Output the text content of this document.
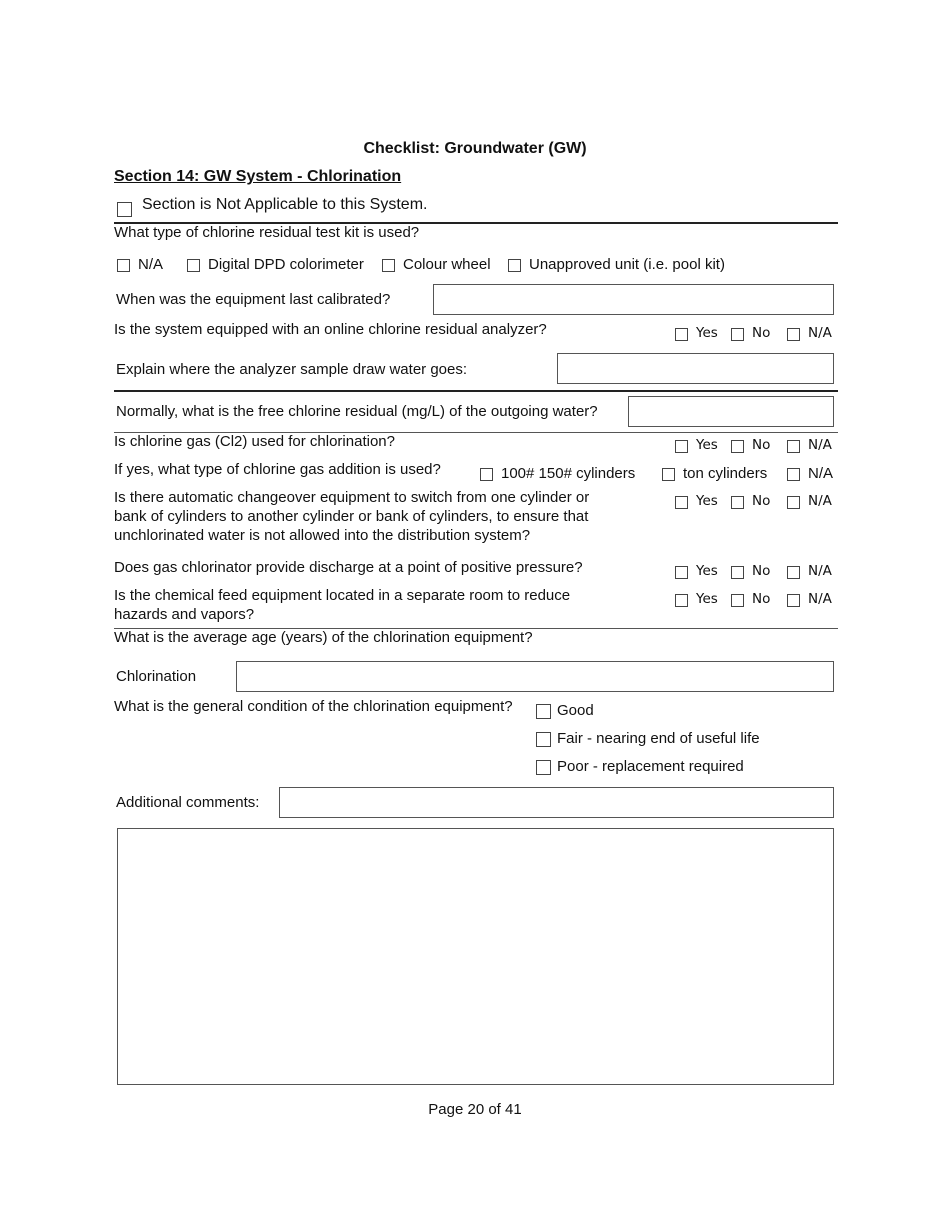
Checklist: Groundwater (GW)
Section 14: GW System - Chlorination
Section is Not Applicable to this System.
What type of chlorine residual test kit is used?
N/A	Digital DPD colorimeter	Colour wheel	Unapproved unit (i.e. pool kit)
When was the equipment last calibrated?
Is the system equipped with an online chlorine residual analyzer?	Yes	No	N/A
Explain where the analyzer sample draw water goes:
Normally, what is the free chlorine residual (mg/L) of the outgoing water?
Is chlorine gas (Cl2) used for chlorination?	Yes	No	N/A
If yes, what type of chlorine gas addition is used?	100# 150# cylinders	ton cylinders	N/A
Is there automatic changeover equipment to switch from one cylinder or
bank of cylinders to another cylinder or bank of cylinders, to ensure that
unchlorinated water is not allowed into the distribution system?
Yes	No	N/A
Does gas chlorinator provide discharge at a point of positive pressure?	Yes	No	N/A
Is the chemical feed equipment located in a separate room to reduce
hazards and vapors?
Yes	No	N/A
What is the average age (years) of the chlorination equipment?
Chlorination
What is the general condition of the chlorination equipment?	Good
Fair - nearing end of useful life
Poor - replacement required
Additional comments:
Page 20 of 41
